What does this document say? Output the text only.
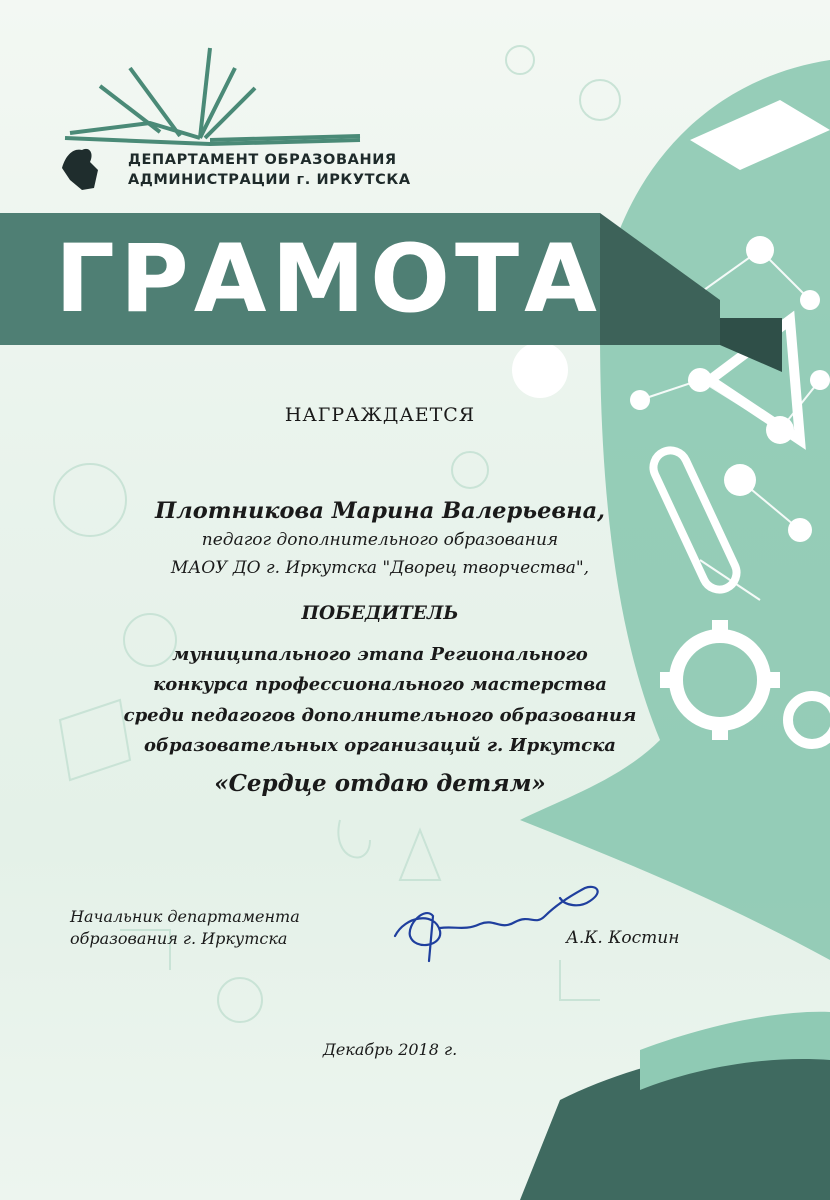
ДЕПАРТАМЕНТ ОБРАЗОВАНИЯ
АДМИНИСТРАЦИИ г. ИРКУТСКА
ГРАМОТА
НАГРАЖДАЕТСЯ
Плотникова Марина Валерьевна,
педагог дополнительного образования
МАОУ ДО г. Иркутска "Дворец творчества",
ПОБЕДИТЕЛЬ
муниципального этапа Регионального
конкурса профессионального мастерства
среди педагогов дополнительного образования
образовательных организаций г. Иркутска
«Сердце отдаю детям»
Начальник департамента
образования г. Иркутска	А.К. Костин
Декабрь 2018 г.
